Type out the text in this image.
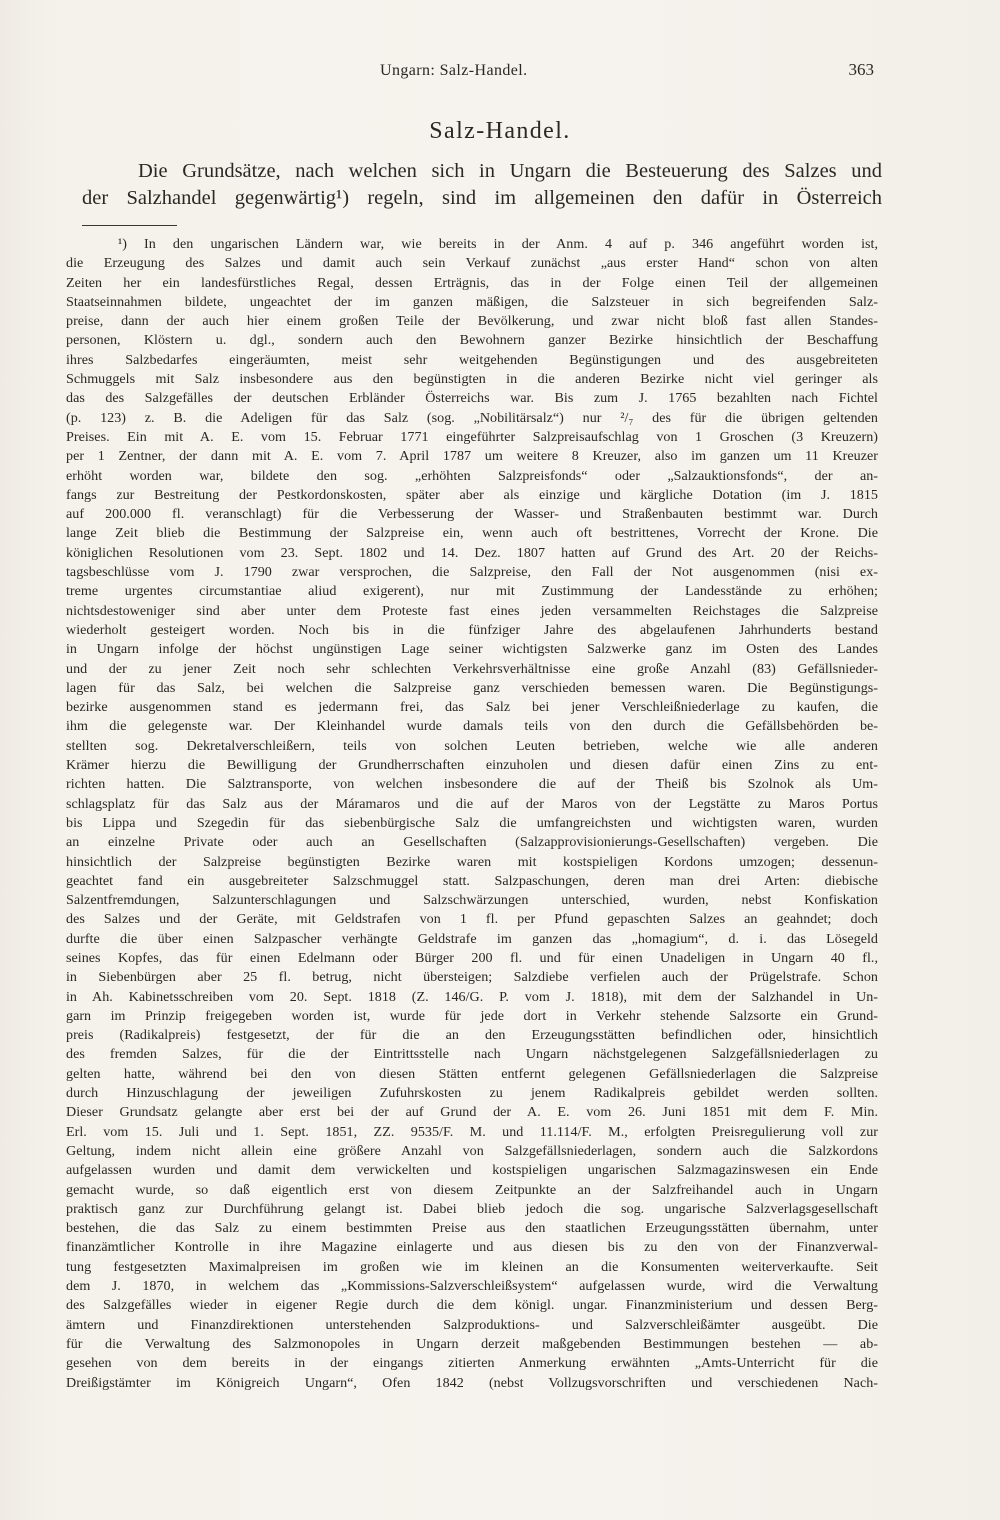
Ungarn: Salz-Handel.	363
Salz-Handel.

Die Grundsätze, nach welchen sich in Ungarn die Besteuerung des Salzes und
der Salzhandel gegenwärtig¹) regeln, sind im allgemeinen den dafür in Österreich

¹) In den ungarischen Ländern war, wie bereits in der Anm. 4 auf p. 346 angeführt worden ist,
die Erzeugung des Salzes und damit auch sein Verkauf zunächst „aus erster Hand“ schon von alten
Zeiten her ein landesfürstliches Regal, dessen Erträgnis, das in der Folge einen Teil der allgemeinen
Staatseinnahmen bildete, ungeachtet der im ganzen mäßigen, die Salzsteuer in sich begreifenden Salz-
preise, dann der auch hier einem großen Teile der Bevölkerung, und zwar nicht bloß fast allen Standes-
personen, Klöstern u. dgl., sondern auch den Bewohnern ganzer Bezirke hinsichtlich der Beschaffung
ihres Salzbedarfes eingeräumten, meist sehr weitgehenden Begünstigungen und des ausgebreiteten
Schmuggels mit Salz insbesondere aus den begünstigten in die anderen Bezirke nicht viel geringer als
das des Salzgefälles der deutschen Erbländer Österreichs war. Bis zum J. 1765 bezahlten nach Fichtel
(p. 123) z. B. die Adeligen für das Salz (sog. „Nobilitärsalz“) nur ²/₇ des für die übrigen geltenden
Preises. Ein mit A. E. vom 15. Februar 1771 eingeführter Salzpreisaufschlag von 1 Groschen (3 Kreuzern)
per 1 Zentner, der dann mit A. E. vom 7. April 1787 um weitere 8 Kreuzer, also im ganzen um 11 Kreuzer
erhöht worden war, bildete den sog. „erhöhten Salzpreisfonds“ oder „Salzauktionsfonds“, der an-
fangs zur Bestreitung der Pestkordonskosten, später aber als einzige und kärgliche Dotation (im J. 1815
auf 200.000 fl. veranschlagt) für die Verbesserung der Wasser- und Straßenbauten bestimmt war. Durch
lange Zeit blieb die Bestimmung der Salzpreise ein, wenn auch oft bestrittenes, Vorrecht der Krone. Die
königlichen Resolutionen vom 23. Sept. 1802 und 14. Dez. 1807 hatten auf Grund des Art. 20 der Reichs-
tagsbeschlüsse vom J. 1790 zwar versprochen, die Salzpreise, den Fall der Not ausgenommen (nisi ex-
treme urgentes circumstantiae aliud exigerent), nur mit Zustimmung der Landesstände zu erhöhen;
nichtsdestoweniger sind aber unter dem Proteste fast eines jeden versammelten Reichstages die Salzpreise
wiederholt gesteigert worden. Noch bis in die fünfziger Jahre des abgelaufenen Jahrhunderts bestand
in Ungarn infolge der höchst ungünstigen Lage seiner wichtigsten Salzwerke ganz im Osten des Landes
und der zu jener Zeit noch sehr schlechten Verkehrsverhältnisse eine große Anzahl (83) Gefällsnieder-
lagen für das Salz, bei welchen die Salzpreise ganz verschieden bemessen waren. Die Begünstigungs-
bezirke ausgenommen stand es jedermann frei, das Salz bei jener Verschleißniederlage zu kaufen, die
ihm die gelegenste war. Der Kleinhandel wurde damals teils von den durch die Gefällsbehörden be-
stellten sog. Dekretalverschleißern, teils von solchen Leuten betrieben, welche wie alle anderen
Krämer hierzu die Bewilligung der Grundherrschaften einzuholen und diesen dafür einen Zins zu ent-
richten hatten. Die Salztransporte, von welchen insbesondere die auf der Theiß bis Szolnok als Um-
schlagsplatz für das Salz aus der Máramaros und die auf der Maros von der Legstätte zu Maros Portus
bis Lippa und Szegedin für das siebenbürgische Salz die umfangreichsten und wichtigsten waren, wurden
an einzelne Private oder auch an Gesellschaften (Salzapprovisionierungs-Gesellschaften) vergeben. Die
hinsichtlich der Salzpreise begünstigten Bezirke waren mit kostspieligen Kordons umzogen; dessenun-
geachtet fand ein ausgebreiteter Salzschmuggel statt. Salzpaschungen, deren man drei Arten: diebische
Salzentfremdungen, Salzunterschlagungen und Salzschwärzungen unterschied, wurden, nebst Konfiskation
des Salzes und der Geräte, mit Geldstrafen von 1 fl. per Pfund gepaschten Salzes an geahndet; doch
durfte die über einen Salzpascher verhängte Geldstrafe im ganzen das „homagium“, d. i. das Lösegeld
seines Kopfes, das für einen Edelmann oder Bürger 200 fl. und für einen Unadeligen in Ungarn 40 fl.,
in Siebenbürgen aber 25 fl. betrug, nicht übersteigen; Salzdiebe verfielen auch der Prügelstrafe. Schon
in Ah. Kabinetsschreiben vom 20. Sept. 1818 (Z. 146/G. P. vom J. 1818), mit dem der Salzhandel in Un-
garn im Prinzip freigegeben worden ist, wurde für jede dort in Verkehr stehende Salzsorte ein Grund-
preis (Radikalpreis) festgesetzt, der für die an den Erzeugungsstätten befindlichen oder, hinsichtlich
des fremden Salzes, für die der Eintrittsstelle nach Ungarn nächstgelegenen Salzgefällsniederlagen zu
gelten hatte, während bei den von diesen Stätten entfernt gelegenen Gefällsniederlagen die Salzpreise
durch Hinzuschlagung der jeweiligen Zufuhrskosten zu jenem Radikalpreis gebildet werden sollten.
Dieser Grundsatz gelangte aber erst bei der auf Grund der A. E. vom 26. Juni 1851 mit dem F. Min.
Erl. vom 15. Juli und 1. Sept. 1851, ZZ. 9535/F. M. und 11.114/F. M., erfolgten Preisregulierung voll zur
Geltung, indem nicht allein eine größere Anzahl von Salzgefällsniederlagen, sondern auch die Salzkordons
aufgelassen wurden und damit dem verwickelten und kostspieligen ungarischen Salzmagazinswesen ein Ende
gemacht wurde, so daß eigentlich erst von diesem Zeitpunkte an der Salzfreihandel auch in Ungarn
praktisch ganz zur Durchführung gelangt ist. Dabei blieb jedoch die sog. ungarische Salzverlagsgesellschaft
bestehen, die das Salz zu einem bestimmten Preise aus den staatlichen Erzeugungsstätten übernahm, unter
finanzämtlicher Kontrolle in ihre Magazine einlagerte und aus diesen bis zu den von der Finanzverwal-
tung festgesetzten Maximalpreisen im großen wie im kleinen an die Konsumenten weiterverkaufte. Seit
dem J. 1870, in welchem das „Kommissions-Salzverschleißsystem“ aufgelassen wurde, wird die Verwaltung
des Salzgefälles wieder in eigener Regie durch die dem königl. ungar. Finanzministerium und dessen Berg-
ämtern und Finanzdirektionen unterstehenden Salzproduktions- und Salzverschleißämter ausgeübt. Die
für die Verwaltung des Salzmonopoles in Ungarn derzeit maßgebenden Bestimmungen bestehen — ab-
gesehen von dem bereits in der eingangs zitierten Anmerkung erwähnten „Amts-Unterricht für die
Dreißigstämter im Königreich Ungarn“, Ofen 1842 (nebst Vollzugsvorschriften und verschiedenen Nach-
